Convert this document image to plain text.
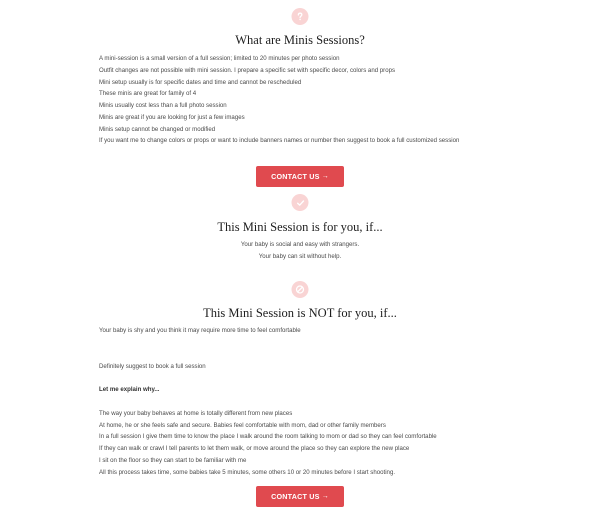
What are Minis Sessions?
A mini-session is a small version of a full session; limited to 20 minutes per photo session
Outfit changes are not possible with mini session. I prepare a specific set with specific decor, colors and props
Mini setup usually is for specific dates and time and cannot be rescheduled
These minis are great for family of 4
Minis usually cost less than a full photo session
Minis are great if you are looking for just a few images
Minis setup cannot be changed or modified
If you want me to change colors or props or want to include banners names or number then suggest to book a full customized session
CONTACT US →
This Mini Session is for you, if...
Your baby is social and easy with strangers.
Your baby can sit without help.
This Mini Session is NOT for you, if...
Your baby is shy and you think it may require more time to feel comfortable
Definitely suggest to book a full session
Let me explain why...
The way your baby behaves at home is totally different from new places
At home, he or she feels safe and secure. Babies feel comfortable with mom, dad or other family members
In a full session I give them time to know the place I walk around the room talking to mom or dad so they can feel comfortable
If they can walk or crawl I tell parents to let them walk, or move around the place so they can explore the new place
I sit on the floor so they can start to be familiar with me
All this process takes time, some babies take 5 minutes, some others 10 or 20 minutes before I start shooting.
CONTACT US →
